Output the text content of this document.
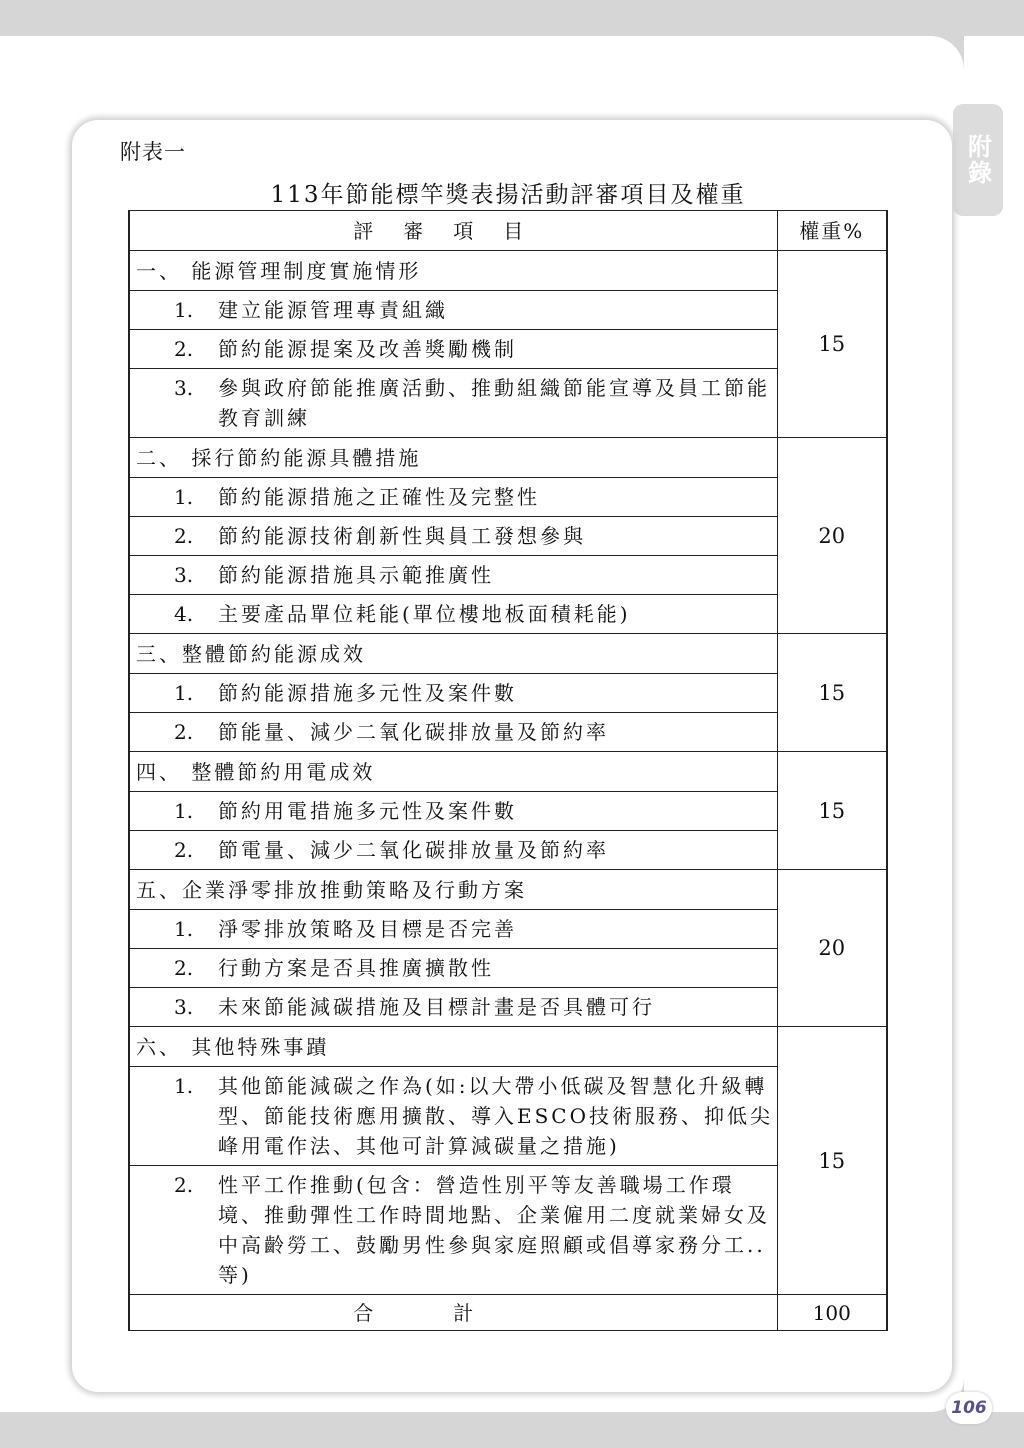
附錄
附表一
113年節能標竿獎表揚活動評審項目及權重
評審項目	權重%
一、 能源管理制度實施情形	15

1. 建立能源管理專責組織	

2. 節約能源提案及改善獎勵機制	

3. 參與政府節能推廣活動、推動組織節能宣導及員工節能教育訓練	
二、 採行節約能源具體措施	20

1. 節約能源措施之正確性及完整性	

2. 節約能源技術創新性與員工發想參與	

3. 節約能源措施具示範推廣性	

4. 主要產品單位耗能(單位樓地板面積耗能)	
三、整體節約能源成效	15

1. 節約能源措施多元性及案件數	

2. 節能量、減少二氧化碳排放量及節約率	
四、 整體節約用電成效	15

1. 節約用電措施多元性及案件數	

2. 節電量、減少二氧化碳排放量及節約率	
五、企業淨零排放推動策略及行動方案	20

1. 淨零排放策略及目標是否完善	

2. 行動方案是否具推廣擴散性	

3. 未來節能減碳措施及目標計畫是否具體可行	
六、 其他特殊事蹟	15

1. 其他節能減碳之作為(如:以大帶小低碳及智慧化升級轉型、節能技術應用擴散、導入ESCO技術服務、抑低尖峰用電作法、其他可計算減碳量之措施)	

2. 性平工作推動(包含：營造性別平等友善職場工作環境、推動彈性工作時間地點、企業僱用二度就業婦女及中高齡勞工、鼓勵男性參與家庭照顧或倡導家務分工..等)	
合計	100
106
